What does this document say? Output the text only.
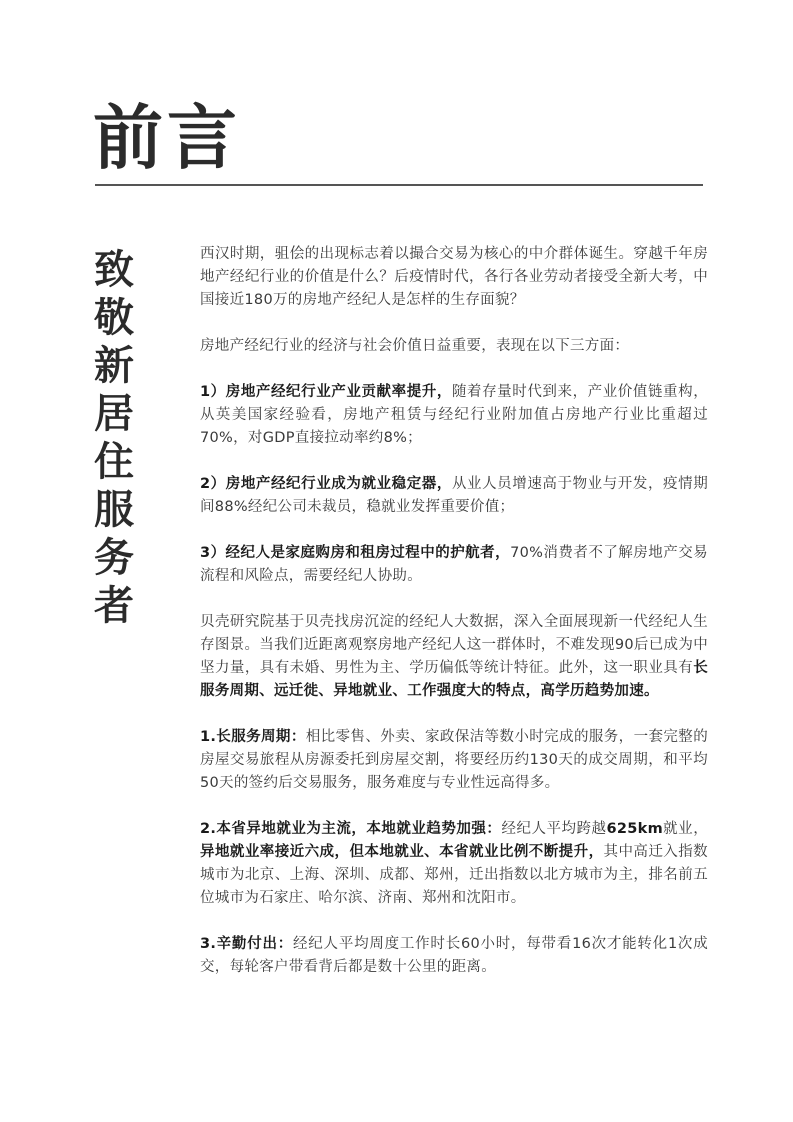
前言
致
敬
新
居
住
服
务
者

西汉时期，驵侩的出现标志着以撮合交易为核心的中介群体诞生。穿越千年房地产经纪行业的价值是什么？后疫情时代，各行各业劳动者接受全新大考，中国接近180万的房地产经纪人是怎样的生存面貌？

房地产经纪行业的经济与社会价值日益重要，表现在以下三方面：

1）房地产经纪行业产业贡献率提升，随着存量时代到来，产业价值链重构，从英美国家经验看，房地产租赁与经纪行业附加值占房地产行业比重超过70%，对GDP直接拉动率约8%；

2）房地产经纪行业成为就业稳定器，从业人员增速高于物业与开发，疫情期间88%经纪公司未裁员，稳就业发挥重要价值；

3）经纪人是家庭购房和租房过程中的护航者，70%消费者不了解房地产交易流程和风险点，需要经纪人协助。

贝壳研究院基于贝壳找房沉淀的经纪人大数据，深入全面展现新一代经纪人生存图景。当我们近距离观察房地产经纪人这一群体时，不难发现90后已成为中坚力量，具有未婚、男性为主、学历偏低等统计特征。此外，这一职业具有长服务周期、远迁徙、异地就业、工作强度大的特点，高学历趋势加速。

1.长服务周期：相比零售、外卖、家政保洁等数小时完成的服务，一套完整的房屋交易旅程从房源委托到房屋交割，将要经历约130天的成交周期，和平均50天的签约后交易服务，服务难度与专业性远高得多。

2.本省异地就业为主流，本地就业趋势加强：经纪人平均跨越625km就业，异地就业率接近六成，但本地就业、本省就业比例不断提升，其中高迁入指数城市为北京、上海、深圳、成都、郑州，迁出指数以北方城市为主，排名前五位城市为石家庄、哈尔滨、济南、郑州和沈阳市。

3.辛勤付出：经纪人平均周度工作时长60小时，每带看16次才能转化1次成交，每轮客户带看背后都是数十公里的距离。
